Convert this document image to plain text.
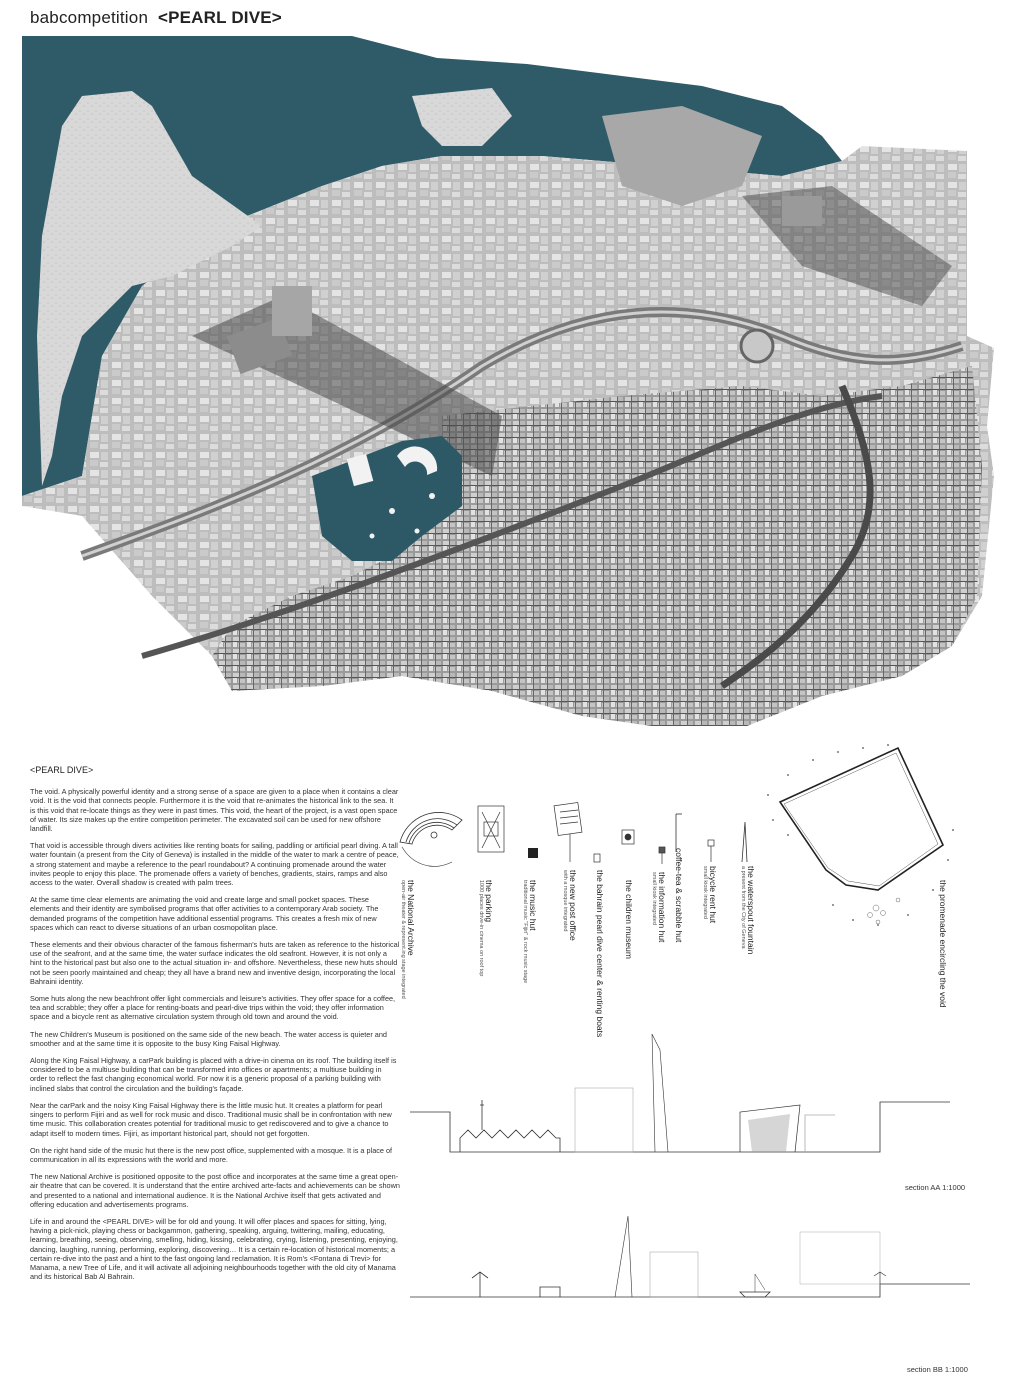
babcompetition <PEARL DIVE>
<PEARL DIVE>

The void. A physically powerful identity and a strong sense of a space are given to a place when it contains a clear void. It is the void that connects people. Furthermore it is the void that re-animates the historical link to the sea. It is this void that re-locate things as they were in past times. This void, the heart of the project, is a vast open space of water. Its size makes up the entire competition perimeter. The excavated soil can be used for new offshore landfill.

That void is accessible through divers activities like renting boats for sailing, paddling or artificial pearl diving. A tall water fountain (a present from the City of Geneva) is installed in the middle of the water to mark a centre of peace, a strong statement and maybe a reference to the pearl roundabout? A continuing promenade around the water invites people to enjoy this place. The promenade offers a variety of benches, gradients, stairs, ramps and also access to the water. Overall shadow is created with palm trees.

At the same time clear elements are animating the void and create large and small pocket spaces. These elements and their identity are symbolised programs that offer activities to a contemporary Arab society. The demanded programs of the competition have additional essential programs. This creates a fresh mix of new spaces which can react to diverse situations of an urban cosmopolitan place.

These elements and their obvious character of the famous fisherman's huts are taken as reference to the historical use of the seafront, and at the same time, the water surface indicates the old seafront. However, it is not only a hint to the historical past but also one to the actual situation in- and offshore. Nevertheless, these new huts should not be seen poorly maintained and cheap; they all have a brand new and inventive design, incorporating the local Bahraini identity.

Some huts along the new beachfront offer light commercials and leisure's activities. They offer space for a coffee, tea and scrabble; they offer a place for renting-boats and pearl-dive trips within the void; they offer information space and a bicycle rent as alternative circulation system through old town and around the void.

The new Children's Museum is positioned on the same side of the new beach. The water access is quieter and smoother and at the same time it is opposite to the busy King Faisal Highway.

Along the King Faisal Highway, a carPark building is placed with a drive-in cinema on its roof. The building itself is considered to be a multiuse building that can be transformed into offices or apartments; a multiuse building in order to reflect the fast changing economical world. For now it is a generic proposal of a parking building with inclined slabs that control the circulation and the building's façade.

Near the carPark and the noisy King Faisal Highway there is the little music hut. It creates a platform for pearl singers to perform Fijiri and as well for rock music and disco. Traditional music shall be in confrontation with new time music. This collaboration creates potential for traditional music to get rediscovered and to give a chance to adapt itself to modern times. Fijiri, as important historical part, should not get forgotten.

On the right hand side of the music hut there is the new post office, supplemented with a mosque. It is a place of communication in all its expressions with the world and more.

The new National Archive is positioned opposite to the post office and incorporates at the same time a great open-air theatre that can be covered. It is understand that the entire archived arte-facts and achievements can be shown and presented to a national and international audience. It is the National Archive itself that gets activated and offering education and advertisements programs.

Life in and around the <PEARL DIVE> will be for old and young. It will offer places and spaces for sitting, lying, having a pick-nick, playing chess or backgammon, gathering, speaking, arguing, twittering, mailing, educating, learning, breathing, seeing, observing, smelling, hiding, kissing, celebrating, crying, listening, presenting, enjoying, dancing, laughing, running, performing, exploring, discovering… It is a certain re-location of historical moments; a certain re-dive into the past and a hint to the fast ongoing land reclamation. It is Rom's <Fontana di Trevi> for Manama, a new Tree of Life, and it will activate all adjoining neighbourhoods together with the old city of Manama and its historical Bab Al Bahrain.

the National Archive
open-air theater & represent.ing stage integrated	the parking
1000 places drive-in cinema on roof top	the music hut
traditional music "Fijiri" & rock music stage	the new post office
with a mosque integrated	the bahrain pearl dive center & renting boats the children museum	coffee-tea & scrabble hut
the information hut
small kiosk integrated	bicycle rent hut
small kiosk integrated	the waterspout fountain
a present from the City of Geneva	the promenade encircling the void
section AA 1:1000
section BB 1:1000
